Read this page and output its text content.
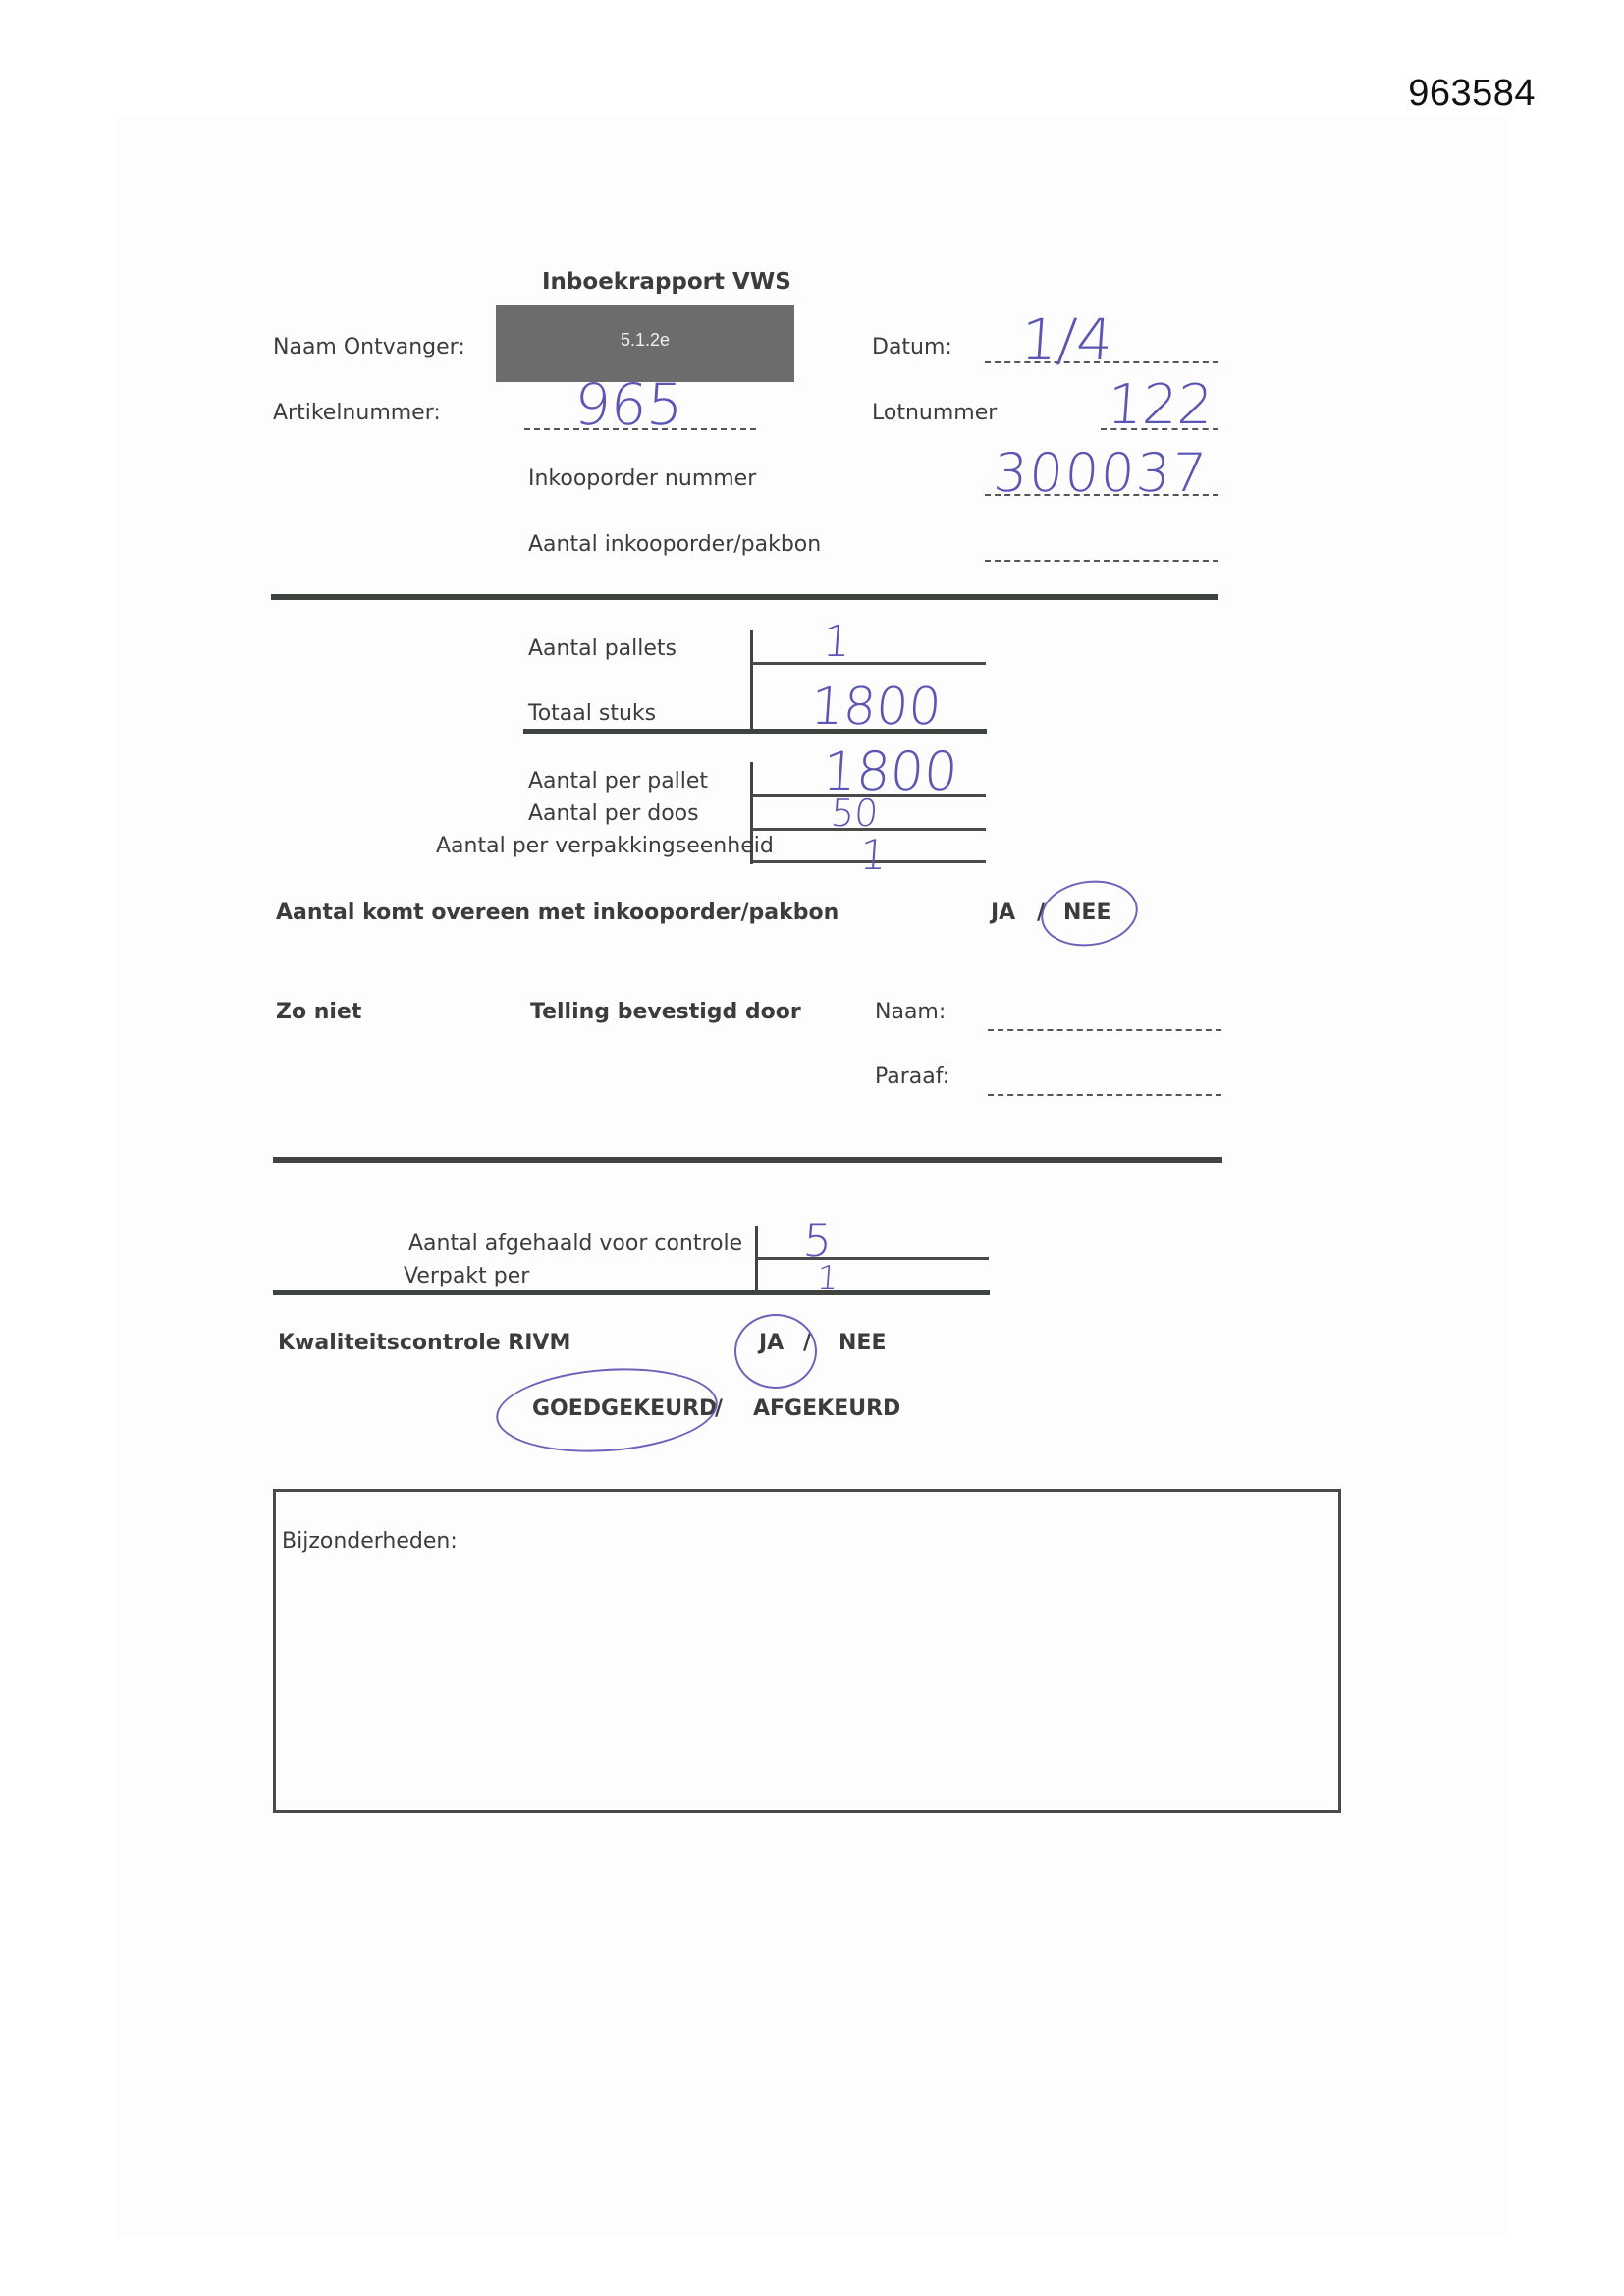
963584
Inboekrapport VWS
Naam Ontvanger:	5.1.2e	Datum: 1/4
Artikelnummer: 965	Lotnummer 122
Inkooporder nummer	300037
Aantal inkooporder/pakbon
Aantal pallets	1
Totaal stuks	1800
Aantal per pallet 1800
Aantal per doos	50
Aantal per verpakkingseenheid 1
Aantal komt overeen met inkooporder/pakbon	JA / NEE
Zo niet	Telling bevestigd door	Naam:
Paraaf:
Aantal afgehaald voor controle 5
Verpakt per	1
Kwaliteitscontrole RIVM	JA / NEE
GOEDGEKEURD
/ AFGEKEURD
Bijzonderheden:
